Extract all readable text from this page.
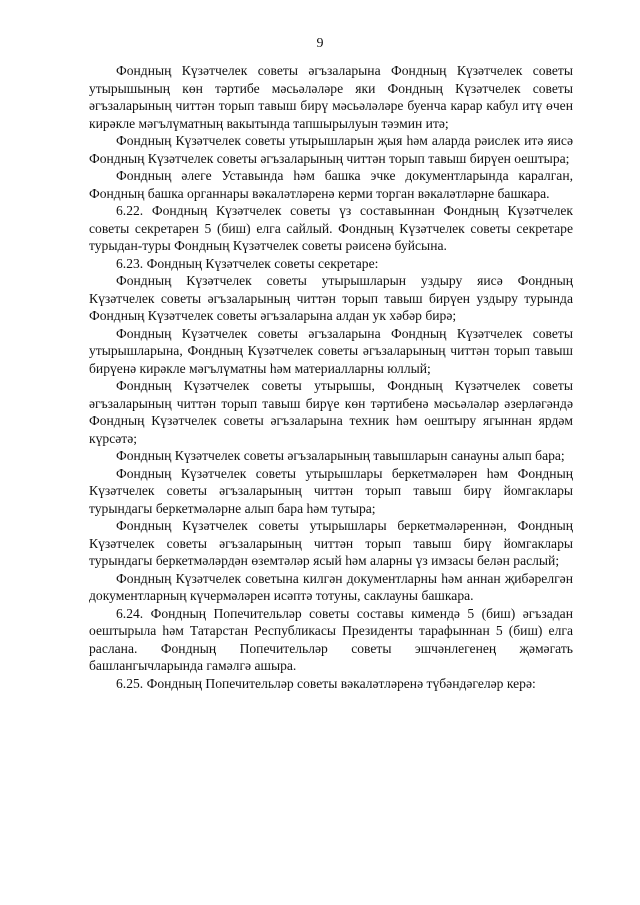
9

Фондның Күзәтчелек советы әгъзаларына Фондның Күзәтчелек советы утырышының көн тәртибе мәсьәләләре яки Фондның Күзәтчелек советы әгъзаларының читтән торып тавыш бирү мәсьәләләре буенча карар кабул итү өчен кирәкле мәгълүматның вакытында тапшырылуын тәэмин итә;

Фондның Күзәтчелек советы утырышларын җыя һәм аларда рәислек итә яисә Фондның Күзәтчелек советы әгъзаларының читтән торып тавыш бирүен оештыра;

Фондның әлеге Уставында һәм башка эчке документларында каралган, Фондның башка органнары вәкаләтләренә керми торган вәкаләтләрне башкара.

6.22. Фондның Күзәтчелек советы үз составыннан Фондның Күзәтчелек советы секретарен 5 (биш) елга сайлый. Фондның Күзәтчелек советы секретаре турыдан-туры Фондның Күзәтчелек советы рәисенә буйсына.

6.23. Фондның Күзәтчелек советы секретаре:

Фондның Күзәтчелек советы утырышларын уздыру яисә Фондның Күзәтчелек советы әгъзаларының читтән торып тавыш бирүен уздыру турында Фондның Күзәтчелек советы әгъзаларына алдан ук хәбәр бирә;

Фондның Күзәтчелек советы әгъзаларына Фондның Күзәтчелек советы утырышларына, Фондның Күзәтчелек советы әгъзаларының читтән торып тавыш бирүенә кирәкле мәгълүматны һәм материалларны юллый;

Фондның Күзәтчелек советы утырышы, Фондның Күзәтчелек советы әгъзаларының читтән торып тавыш бирүе көн тәртибенә мәсьәләләр әзерләгәндә Фондның Күзәтчелек советы әгъзаларына техник һәм оештыру ягыннан ярдәм күрсәтә;

Фондның Күзәтчелек советы әгъзаларының тавышларын санауны алып бара;

Фондның Күзәтчелек советы утырышлары беркетмәләрен һәм Фондның Күзәтчелек советы әгъзаларының читтән торып тавыш бирү йомгаклары турындагы беркетмәләрне алып бара һәм тутыра;

Фондның Күзәтчелек советы утырышлары беркетмәләреннән, Фондның Күзәтчелек советы әгъзаларының читтән торып тавыш бирү йомгаклары турындагы беркетмәләрдән өземтәләр ясый һәм аларны үз имзасы белән раслый;

Фондның Күзәтчелек советына килгән документларны һәм аннан җибәрелгән документларның күчермәләрен исәптә тотуны, саклауны башкара.

6.24. Фондның Попечительләр советы составы кимендә 5 (биш) әгъзадан оештырыла һәм Татарстан Республикасы Президенты тарафыннан 5 (биш) елга раслана. Фондның Попечительләр советы эшчәнлегенең җәмәгать башлангычларында гамәлгә ашыра.

6.25. Фондның Попечительләр советы вәкаләтләренә түбәндәгеләр керә:
